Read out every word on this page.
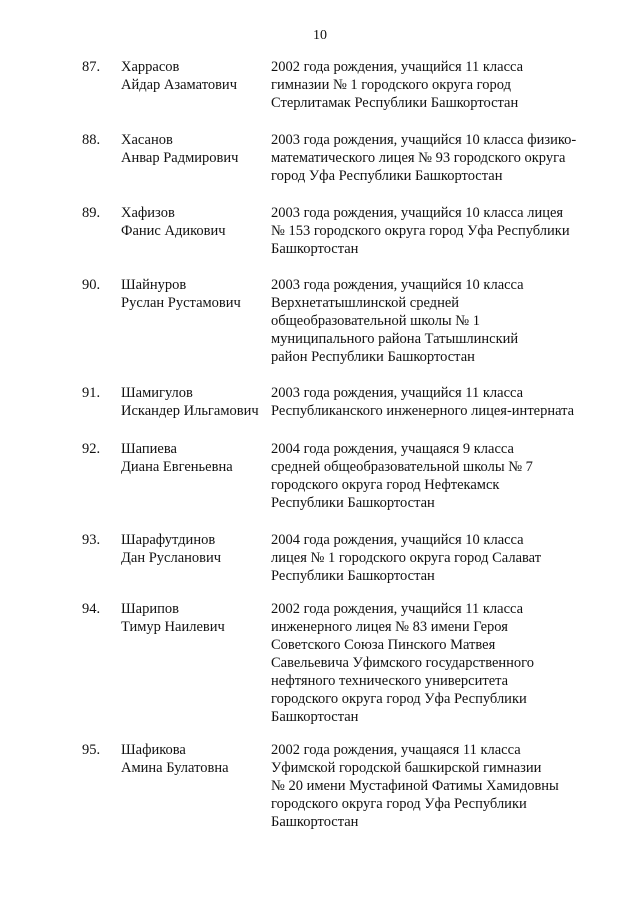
10
87. Харрасов
Айдар Азаматович
2002 года рождения, учащийся 11 класса
гимназии № 1 городского округа город
Стерлитамак Республики Башкортостан
88. Хасанов
Анвар Радмирович
2003 года рождения, учащийся 10 класса физико-
математического лицея № 93 городского округа
город Уфа Республики Башкортостан
89. Хафизов
Фанис Адикович
2003 года рождения, учащийся 10 класса лицея
№ 153 городского округа город Уфа Республики
Башкортостан
90. Шайнуров
Руслан Рустамович
2003 года рождения, учащийся 10 класса
Верхнетатышлинской средней
общеобразовательной школы № 1
муниципального района Татышлинский
район Республики Башкортостан
91. Шамигулов
Искандер Ильгамович
2003 года рождения, учащийся 11 класса
Республиканского инженерного лицея-интерната
92. Шапиева
Диана Евгеньевна
2004 года рождения, учащаяся 9 класса
средней общеобразовательной школы № 7
городского округа город Нефтекамск
Республики Башкортостан
93. Шарафутдинов
Дан Русланович
2004 года рождения, учащийся 10 класса
лицея № 1 городского округа город Салават
Республики Башкортостан
94. Шарипов
Тимур Наилевич
2002 года рождения, учащийся 11 класса
инженерного лицея № 83 имени Героя
Советского Союза Пинского Матвея
Савельевича Уфимского государственного
нефтяного технического университета
городского округа город Уфа Республики
Башкортостан
95. Шафикова
Амина Булатовна
2002 года рождения, учащаяся 11 класса
Уфимской городской башкирской гимназии
№ 20 имени Мустафиной Фатимы Хамидовны
городского округа город Уфа Республики
Башкортостан
